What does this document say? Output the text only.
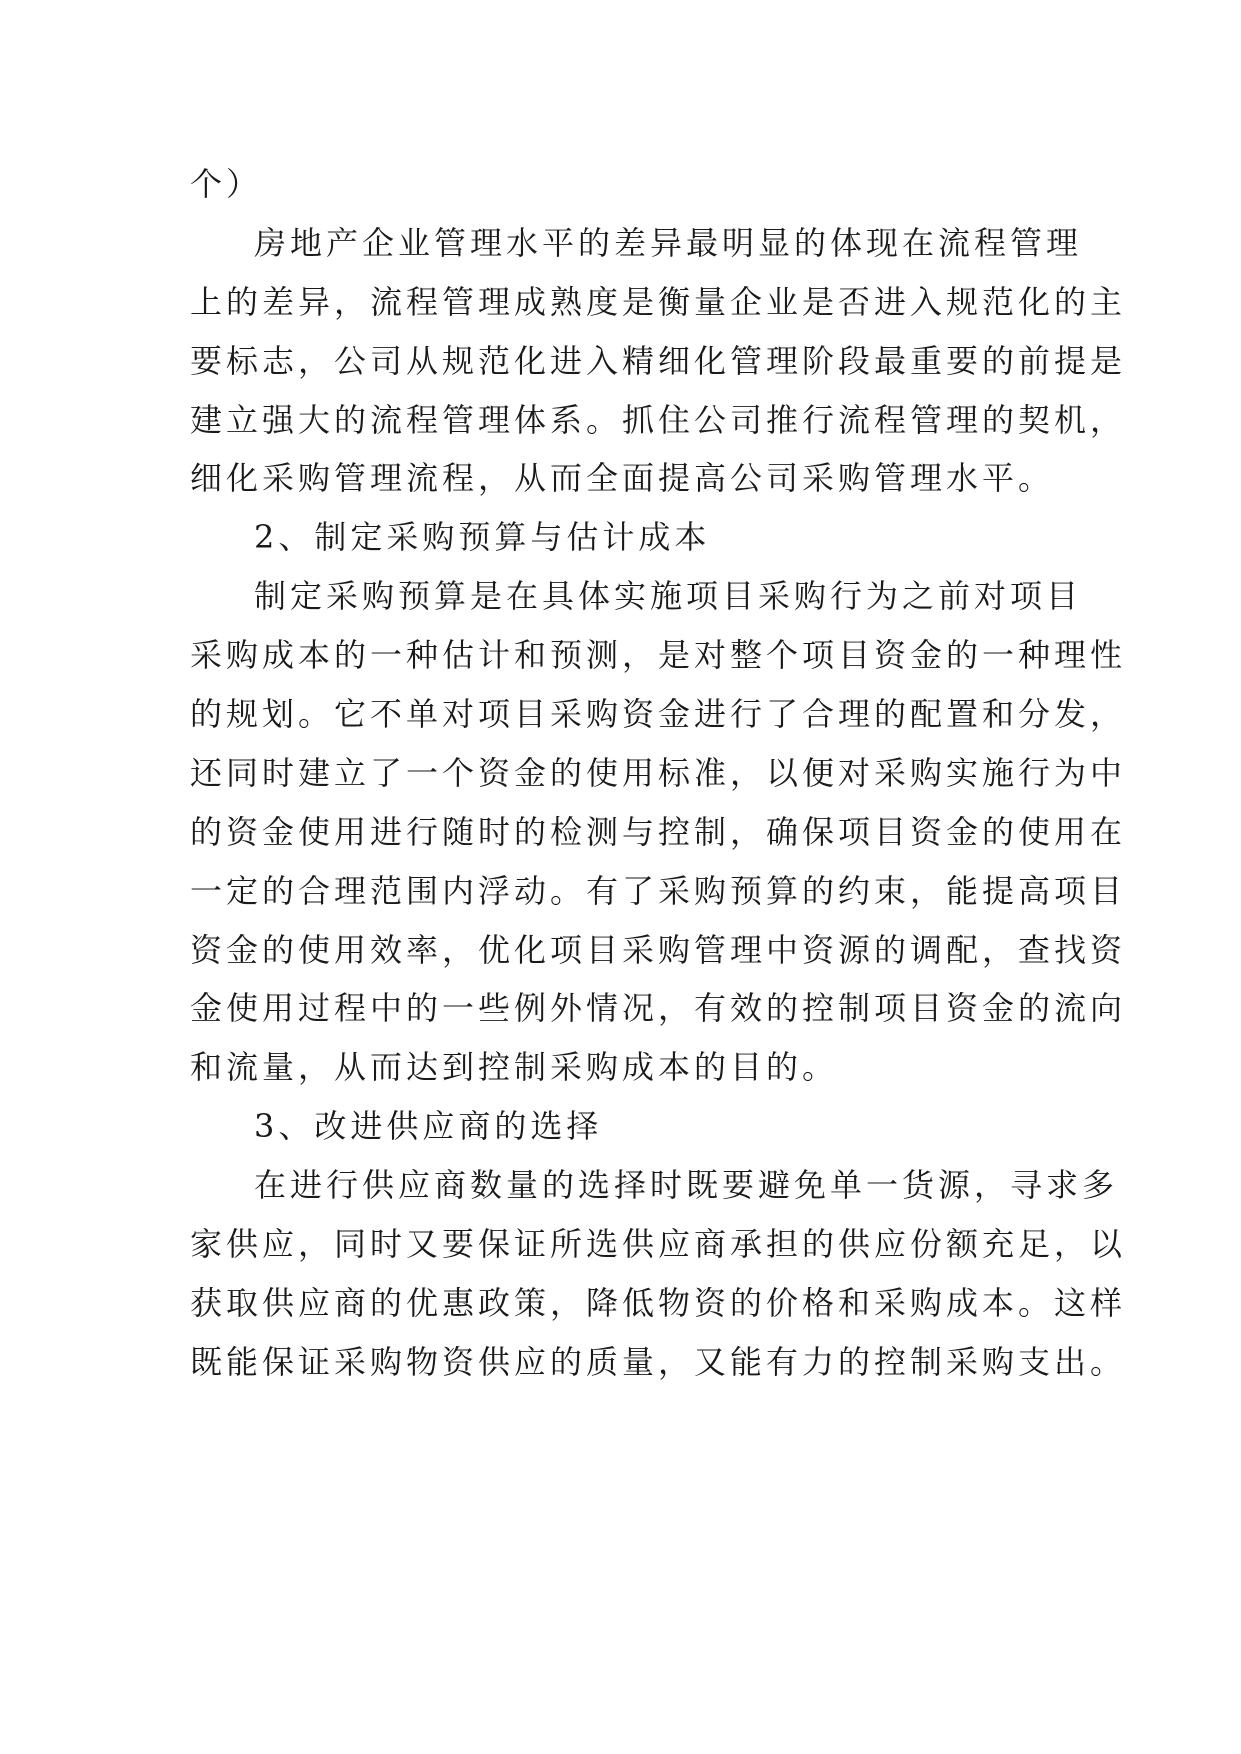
个）
房地产企业管理水平的差异最明显的体现在流程管理
上的差异，流程管理成熟度是衡量企业是否进入规范化的主
要标志，公司从规范化进入精细化管理阶段最重要的前提是
建立强大的流程管理体系。抓住公司推行流程管理的契机，
细化采购管理流程，从而全面提高公司采购管理水平。
2、制定采购预算与估计成本
制定采购预算是在具体实施项目采购行为之前对项目
采购成本的一种估计和预测，是对整个项目资金的一种理性
的规划。它不单对项目采购资金进行了合理的配置和分发，
还同时建立了一个资金的使用标准，以便对采购实施行为中
的资金使用进行随时的检测与控制，确保项目资金的使用在
一定的合理范围内浮动。有了采购预算的约束，能提高项目
资金的使用效率，优化项目采购管理中资源的调配，查找资
金使用过程中的一些例外情况，有效的控制项目资金的流向
和流量，从而达到控制采购成本的目的。
3、改进供应商的选择
在进行供应商数量的选择时既要避免单一货源，寻求多
家供应，同时又要保证所选供应商承担的供应份额充足，以
获取供应商的优惠政策，降低物资的价格和采购成本。这样
既能保证采购物资供应的质量，又能有力的控制采购支出。
